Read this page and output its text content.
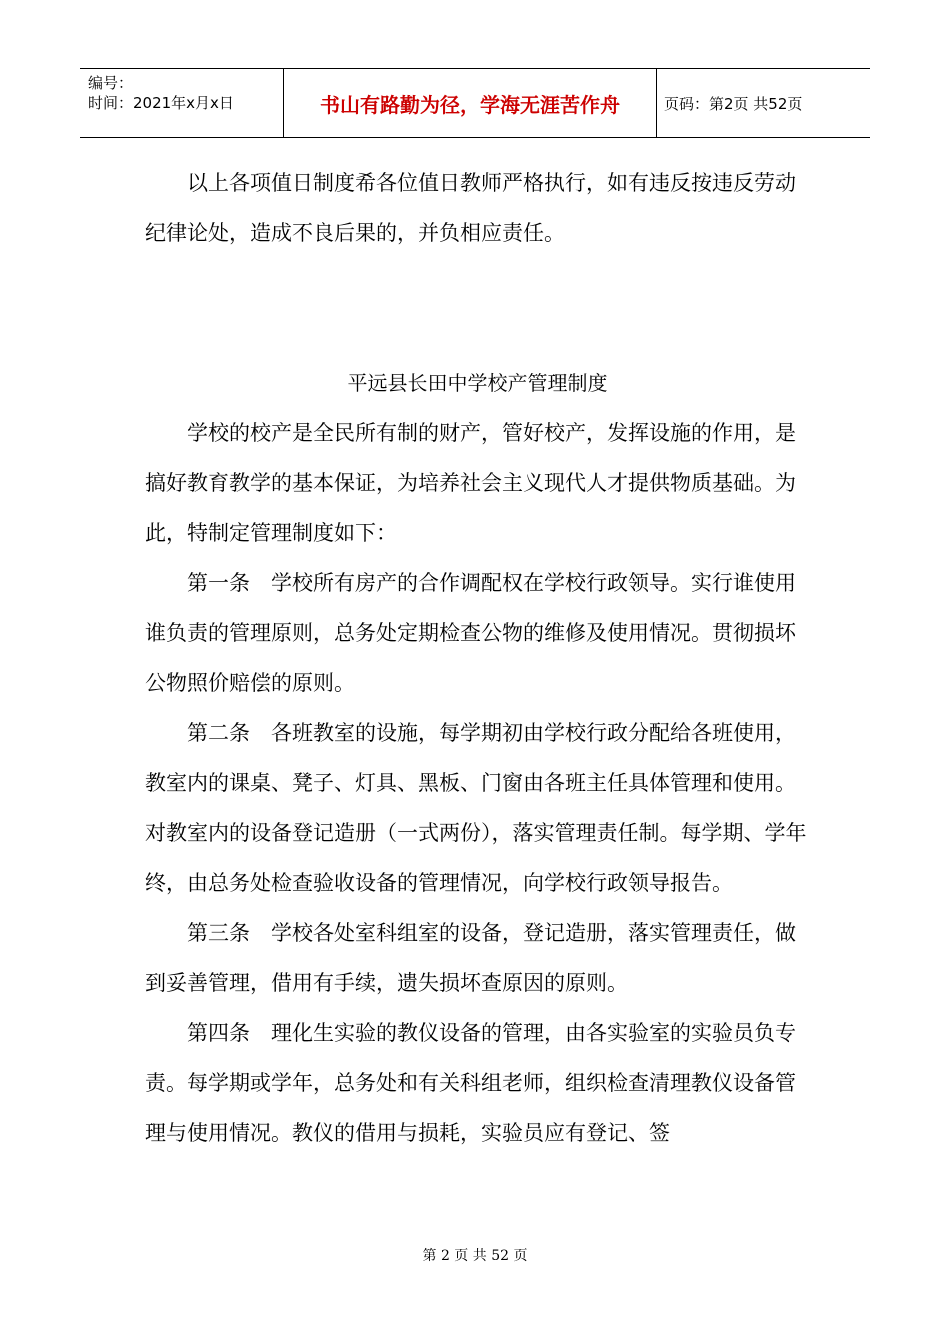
编号：
时间：2021年x月x日	书山有路勤为径，学海无涯苦作舟	页码：第2页 共52页

以上各项值日制度希各位值日教师严格执行，如有违反按违反劳动纪律论处，造成不良后果的，并负相应责任。

平远县长田中学校产管理制度

学校的校产是全民所有制的财产，管好校产，发挥设施的作用，是搞好教育教学的基本保证，为培养社会主义现代人才提供物质基础。为此，特制定管理制度如下：

第一条　学校所有房产的合作调配权在学校行政领导。实行谁使用谁负责的管理原则，总务处定期检查公物的维修及使用情况。贯彻损坏公物照价赔偿的原则。

第二条　各班教室的设施，每学期初由学校行政分配给各班使用，教室内的课桌、凳子、灯具、黑板、门窗由各班主任具体管理和使用。对教室内的设备登记造册（一式两份），落实管理责任制。每学期、学年终，由总务处检查验收设备的管理情况，向学校行政领导报告。

第三条　学校各处室科组室的设备，登记造册，落实管理责任，做到妥善管理，借用有手续，遗失损坏查原因的原则。

第四条　理化生实验的教仪设备的管理，由各实验室的实验员负专责。每学期或学年，总务处和有关科组老师，组织检查清理教仪设备管理与使用情况。教仪的借用与损耗，实验员应有登记、签

第 2 页 共 52 页
